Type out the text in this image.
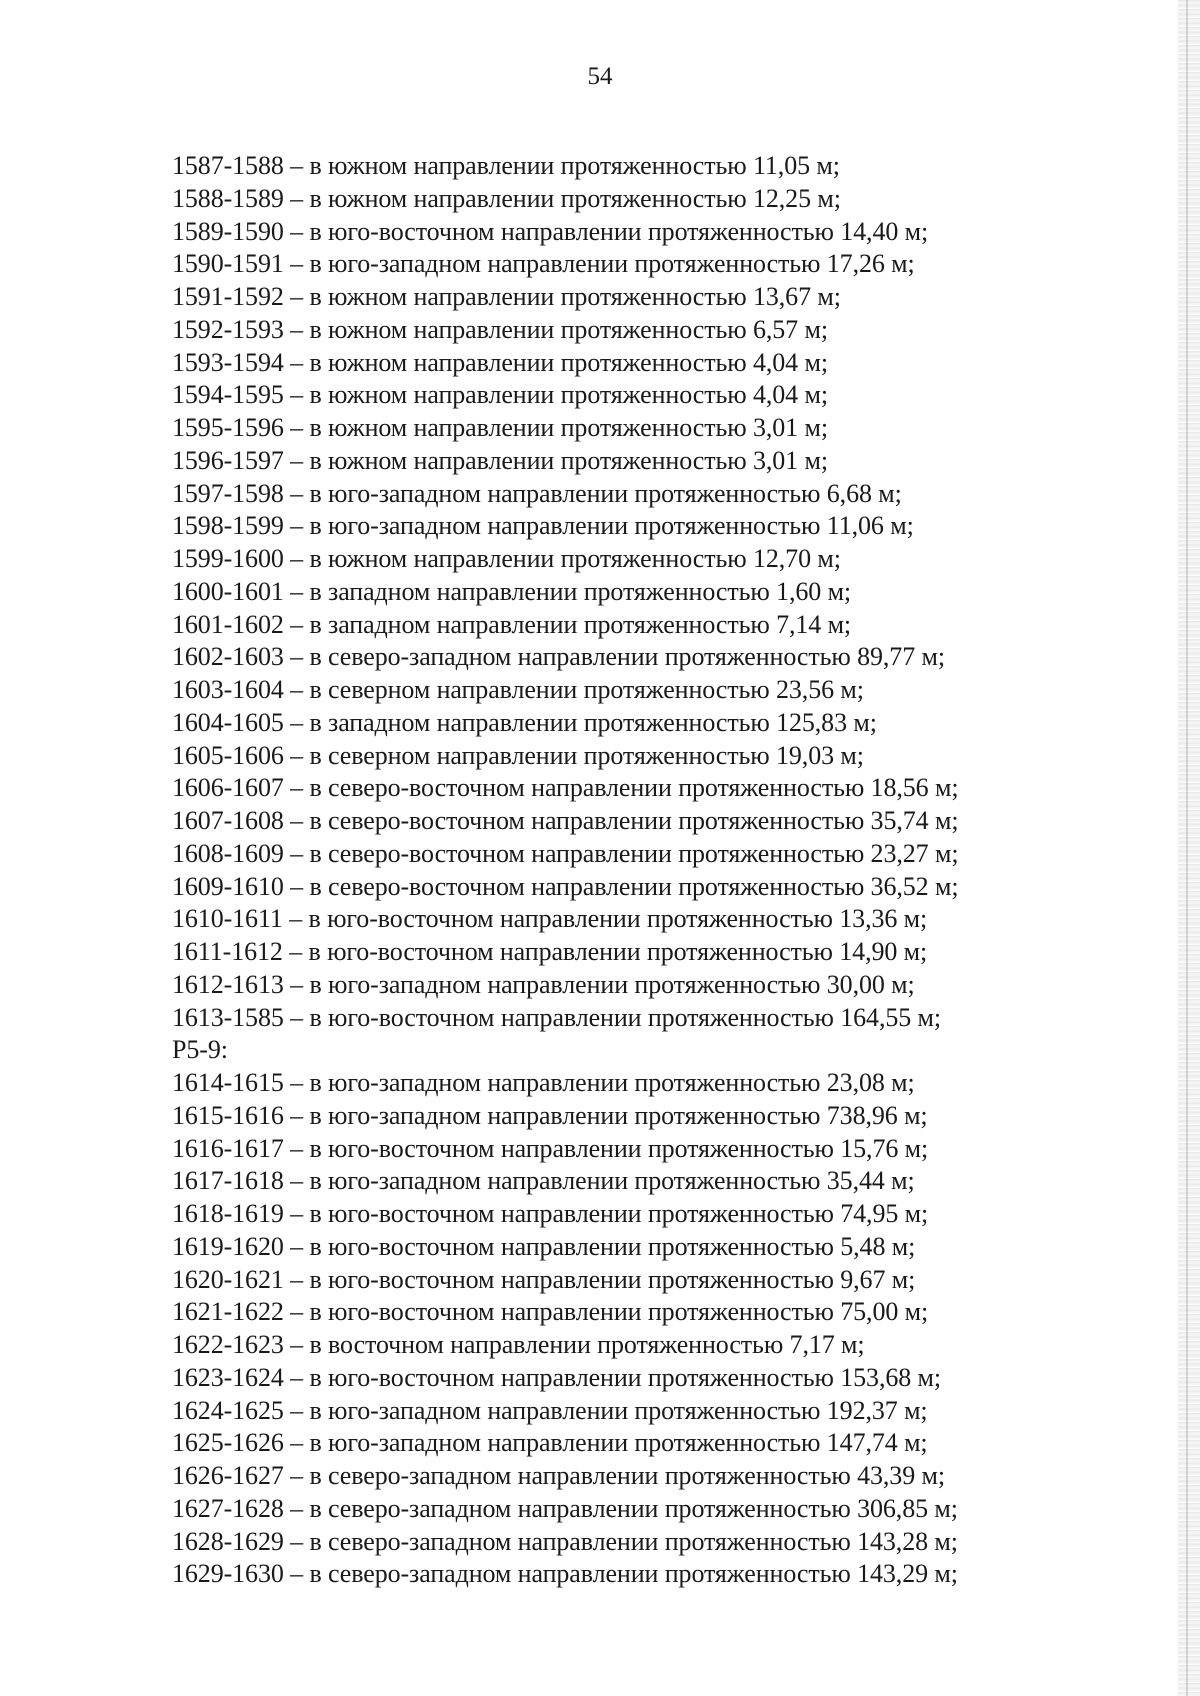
54
1587-1588 – в южном направлении протяженностью 11,05 м;
1588-1589 – в южном направлении протяженностью 12,25 м;
1589-1590 – в юго-восточном направлении протяженностью 14,40 м;
1590-1591 – в юго-западном направлении протяженностью 17,26 м;
1591-1592 – в южном направлении протяженностью 13,67 м;
1592-1593 – в южном направлении протяженностью 6,57 м;
1593-1594 – в южном направлении протяженностью 4,04 м;
1594-1595 – в южном направлении протяженностью 4,04 м;
1595-1596 – в южном направлении протяженностью 3,01 м;
1596-1597 – в южном направлении протяженностью 3,01 м;
1597-1598 – в юго-западном направлении протяженностью 6,68 м;
1598-1599 – в юго-западном направлении протяженностью 11,06 м;
1599-1600 – в южном направлении протяженностью 12,70 м;
1600-1601 – в западном направлении протяженностью 1,60 м;
1601-1602 – в западном направлении протяженностью 7,14 м;
1602-1603 – в северо-западном направлении протяженностью 89,77 м;
1603-1604 – в северном направлении протяженностью 23,56 м;
1604-1605 – в западном направлении протяженностью 125,83 м;
1605-1606 – в северном направлении протяженностью 19,03 м;
1606-1607 – в северо-восточном направлении протяженностью 18,56 м;
1607-1608 – в северо-восточном направлении протяженностью 35,74 м;
1608-1609 – в северо-восточном направлении протяженностью 23,27 м;
1609-1610 – в северо-восточном направлении протяженностью 36,52 м;
1610-1611 – в юго-восточном направлении протяженностью 13,36 м;
1611-1612 – в юго-восточном направлении протяженностью 14,90 м;
1612-1613 – в юго-западном направлении протяженностью 30,00 м;
1613-1585 – в юго-восточном направлении протяженностью 164,55 м;
Р5-9:
1614-1615 – в юго-западном направлении протяженностью 23,08 м;
1615-1616 – в юго-западном направлении протяженностью 738,96 м;
1616-1617 – в юго-восточном направлении протяженностью 15,76 м;
1617-1618 – в юго-западном направлении протяженностью 35,44 м;
1618-1619 – в юго-восточном направлении протяженностью 74,95 м;
1619-1620 – в юго-восточном направлении протяженностью 5,48 м;
1620-1621 – в юго-восточном направлении протяженностью 9,67 м;
1621-1622 – в юго-восточном направлении протяженностью 75,00 м;
1622-1623 – в восточном направлении протяженностью 7,17 м;
1623-1624 – в юго-восточном направлении протяженностью 153,68 м;
1624-1625 – в юго-западном направлении протяженностью 192,37 м;
1625-1626 – в юго-западном направлении протяженностью 147,74 м;
1626-1627 – в северо-западном направлении протяженностью 43,39 м;
1627-1628 – в северо-западном направлении протяженностью 306,85 м;
1628-1629 – в северо-западном направлении протяженностью 143,28 м;
1629-1630 – в северо-западном направлении протяженностью 143,29 м;
